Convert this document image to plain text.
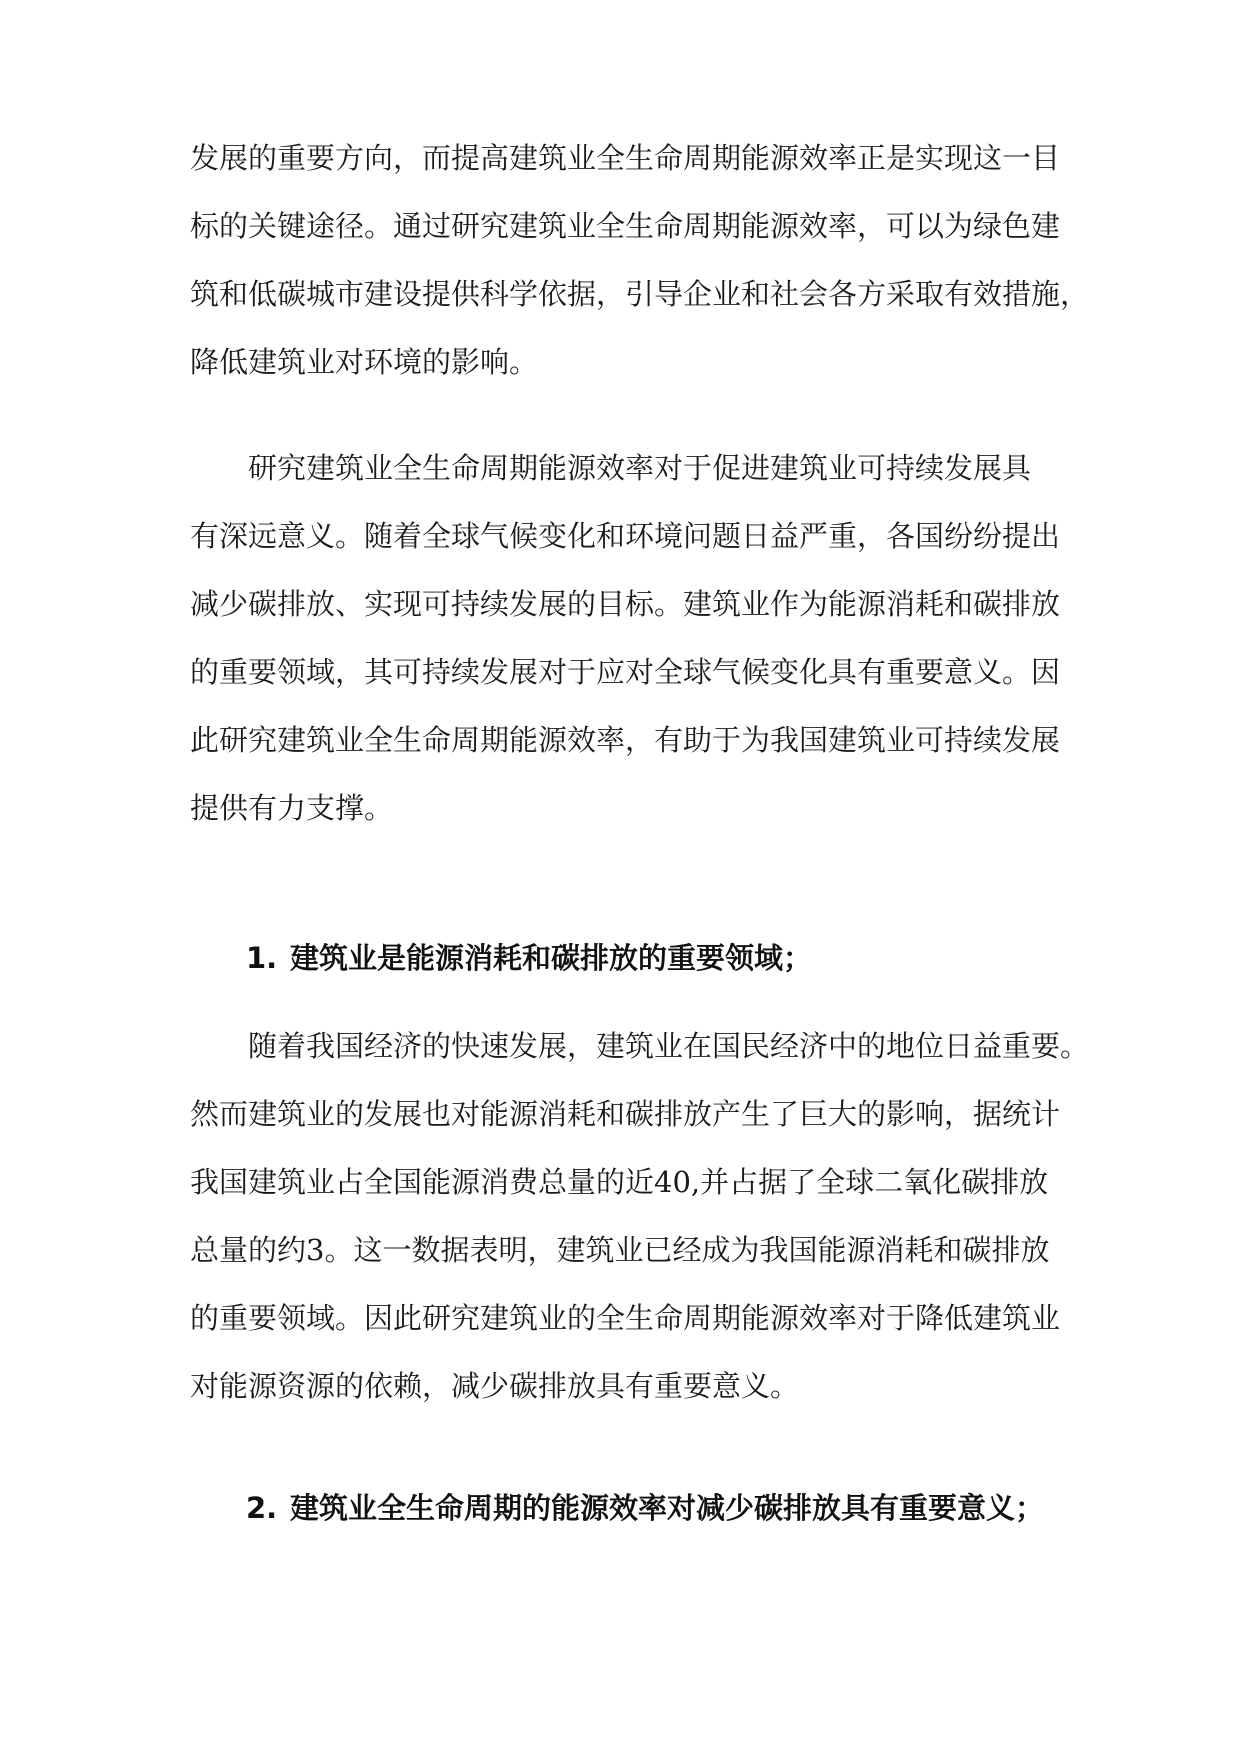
发展的重要方向，而提高建筑业全生命周期能源效率正是实现这一目
标的关键途径。通过研究建筑业全生命周期能源效率，可以为绿色建
筑和低碳城市建设提供科学依据，引导企业和社会各方采取有效措施，
降低建筑业对环境的影响。
研究建筑业全生命周期能源效率对于促进建筑业可持续发展具
有深远意义。随着全球气候变化和环境问题日益严重，各国纷纷提出
减少碳排放、实现可持续发展的目标。建筑业作为能源消耗和碳排放
的重要领域，其可持续发展对于应对全球气候变化具有重要意义。因
此研究建筑业全生命周期能源效率，有助于为我国建筑业可持续发展
提供有力支撑。
1. 建筑业是能源消耗和碳排放的重要领域；
随着我国经济的快速发展，建筑业在国民经济中的地位日益重要。
然而建筑业的发展也对能源消耗和碳排放产生了巨大的影响，据统计
我国建筑业占全国能源消费总量的近40,并占据了全球二氧化碳排放
总量的约3。这一数据表明，建筑业已经成为我国能源消耗和碳排放
的重要领域。因此研究建筑业的全生命周期能源效率对于降低建筑业
对能源资源的依赖，减少碳排放具有重要意义。
2. 建筑业全生命周期的能源效率对减少碳排放具有重要意义；
